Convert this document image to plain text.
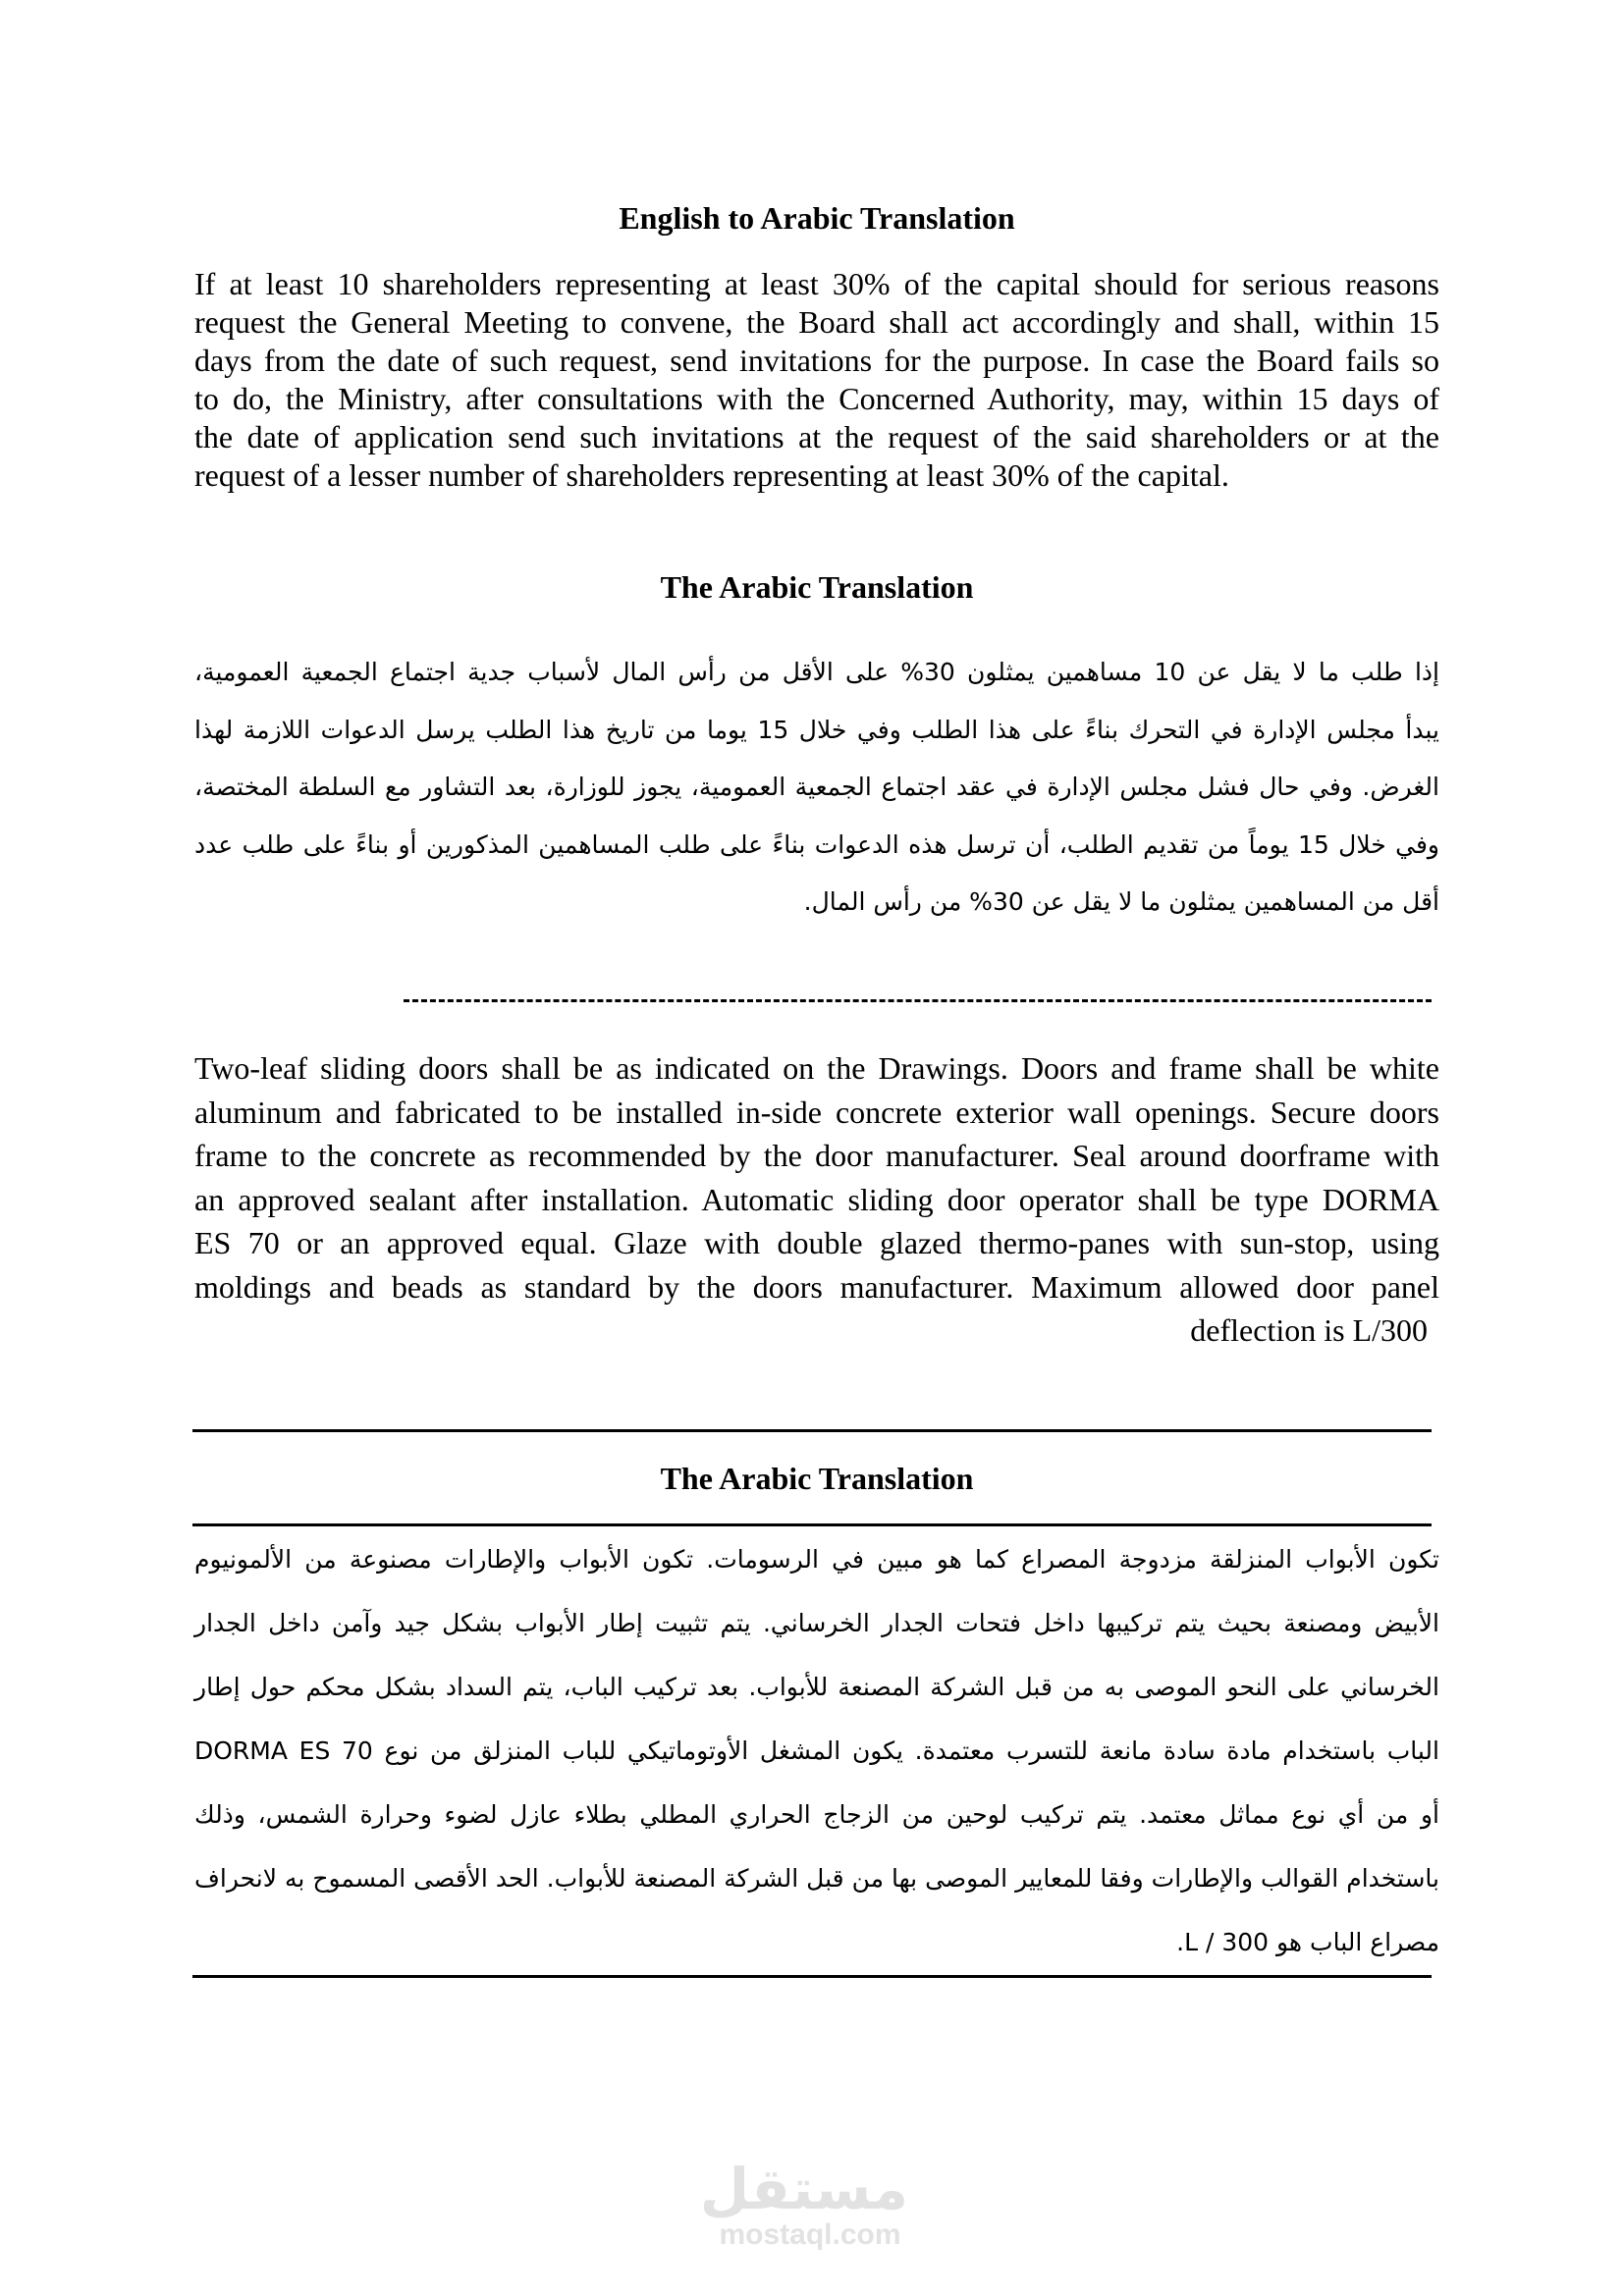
English to Arabic Translation
If at least 10 shareholders representing at least 30% of the capital should for serious reasons
request the General Meeting to convene, the Board shall act accordingly and shall, within 15
days from the date of such request, send invitations for the purpose. In case the Board fails so
to do, the Ministry, after consultations with the Concerned Authority, may, within 15 days of
the date of application send such invitations at the request of the said shareholders or at the
request of a lesser number of shareholders representing at least 30% of the capital.
The Arabic Translation
إذا طلب ما لا يقل عن 10 مساهمين يمثلون 30% على الأقل من رأس المال لأسباب جدية اجتماع الجمعية العمومية،
يبدأ مجلس الإدارة في التحرك بناءً على هذا الطلب وفي خلال 15 يوما من تاريخ هذا الطلب يرسل الدعوات اللازمة لهذا
الغرض. وفي حال فشل مجلس الإدارة في عقد اجتماع الجمعية العمومية، يجوز للوزارة، بعد التشاور مع السلطة المختصة،
وفي خلال 15 يوماً من تقديم الطلب، أن ترسل هذه الدعوات بناءً على طلب المساهمين المذكورين أو بناءً على طلب عدد
أقل من المساهمين يمثلون ما لا يقل عن 30% من رأس المال.
Two-leaf sliding doors shall be as indicated on the Drawings. Doors and frame shall be white
aluminum and fabricated to be installed in-side concrete exterior wall openings. Secure doors
frame to the concrete as recommended by the door manufacturer. Seal around doorframe with
an approved sealant after installation. Automatic sliding door operator shall be type DORMA
ES 70 or an approved equal. Glaze with double glazed thermo-panes with sun-stop, using
moldings and beads as standard by the doors manufacturer. Maximum allowed door panel
deflection is L/300
The Arabic Translation
تكون الأبواب المنزلقة مزدوجة المصراع كما هو مبين في الرسومات. تكون الأبواب والإطارات مصنوعة من الألمونيوم
الأبيض ومصنعة بحيث يتم تركيبها داخل فتحات الجدار الخرساني. يتم تثبيت إطار الأبواب بشكل جيد وآمن داخل الجدار
الخرساني على النحو الموصى به من قبل الشركة المصنعة للأبواب. بعد تركيب الباب، يتم السداد بشكل محكم حول إطار
الباب باستخدام مادة سادة مانعة للتسرب معتمدة. يكون المشغل الأوتوماتيكي للباب المنزلق من نوع DORMA ES 70
أو من أي نوع مماثل معتمد. يتم تركيب لوحين من الزجاج الحراري المطلي بطلاء عازل لضوء وحرارة الشمس، وذلك
باستخدام القوالب والإطارات وفقا للمعايير الموصى بها من قبل الشركة المصنعة للأبواب. الحد الأقصى المسموح به لانحراف
مصراع الباب هو L / 300.
مستقل
mostaql.com
